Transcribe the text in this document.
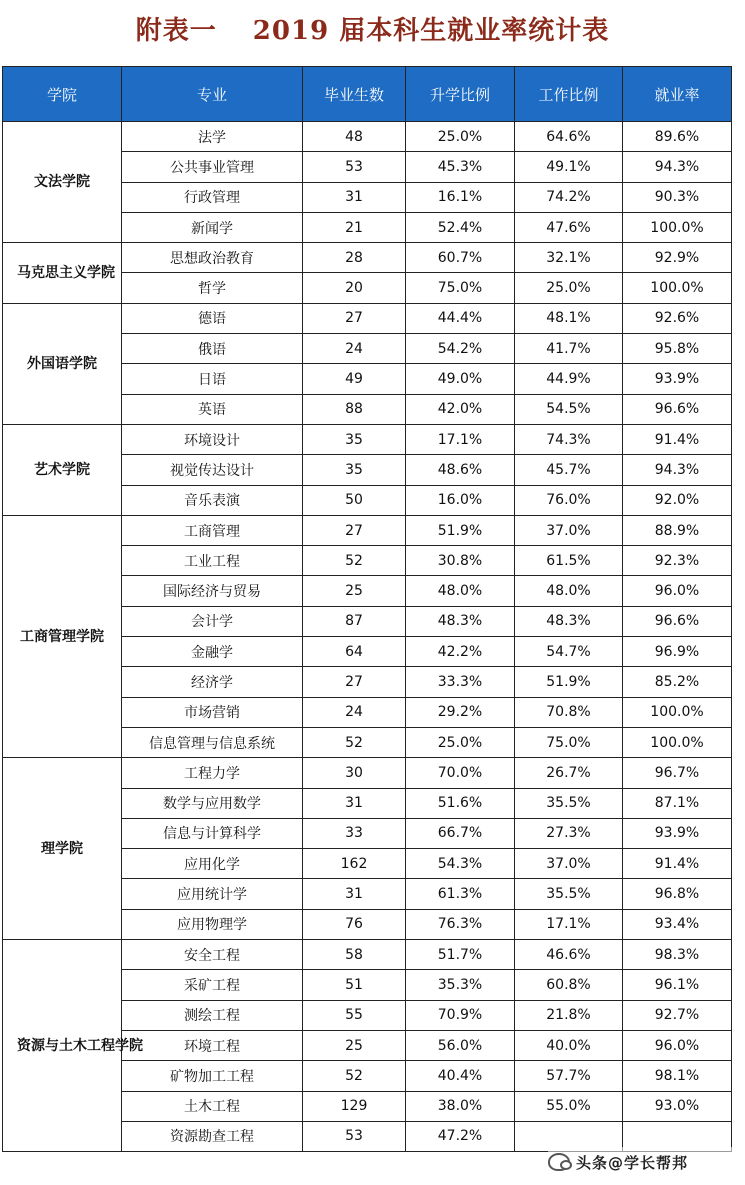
附表一 2019 届本科生就业率统计表
学院	专业	毕业生数	升学比例	工作比例	就业率
文法学院	法学	48	25.0%	64.6%	89.6%
	公共事业管理	53	45.3%	49.1%	94.3%
	行政管理	31	16.1%	74.2%	90.3%
	新闻学	21	52.4%	47.6%	100.0%
马克思主义学院	思想政治教育	28	60.7%	32.1%	92.9%
	哲学	20	75.0%	25.0%	100.0%
外国语学院	德语	27	44.4%	48.1%	92.6%
	俄语	24	54.2%	41.7%	95.8%
	日语	49	49.0%	44.9%	93.9%
	英语	88	42.0%	54.5%	96.6%
艺术学院	环境设计	35	17.1%	74.3%	91.4%
	视觉传达设计	35	48.6%	45.7%	94.3%
	音乐表演	50	16.0%	76.0%	92.0%
工商管理学院	工商管理	27	51.9%	37.0%	88.9%
	工业工程	52	30.8%	61.5%	92.3%
	国际经济与贸易	25	48.0%	48.0%	96.0%
	会计学	87	48.3%	48.3%	96.6%
	金融学	64	42.2%	54.7%	96.9%
	经济学	27	33.3%	51.9%	85.2%
	市场营销	24	29.2%	70.8%	100.0%
	信息管理与信息系统	52	25.0%	75.0%	100.0%
理学院	工程力学	30	70.0%	26.7%	96.7%
	数学与应用数学	31	51.6%	35.5%	87.1%
	信息与计算科学	33	66.7%	27.3%	93.9%
	应用化学	162	54.3%	37.0%	91.4%
	应用统计学	31	61.3%	35.5%	96.8%
	应用物理学	76	76.3%	17.1%	93.4%
资源与土木工程学院	安全工程	58	51.7%	46.6%	98.3%
	采矿工程	51	35.3%	60.8%	96.1%
	测绘工程	55	70.9%	21.8%	92.7%
	环境工程	25	56.0%	40.0%	96.0%
	矿物加工工程	52	40.4%	57.7%	98.1%
	土木工程	129	38.0%	55.0%	93.0%
	资源勘查工程	53	47.2%		
头条@学长帮邦
